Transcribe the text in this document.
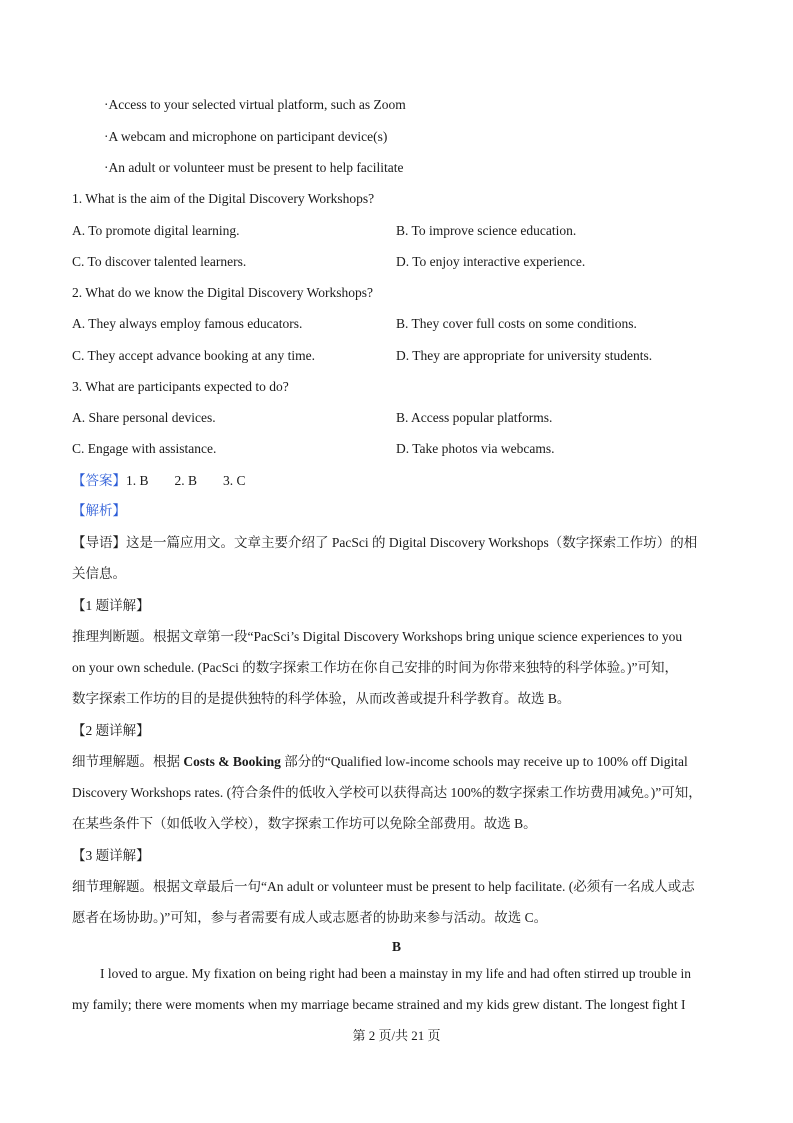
·Access to your selected virtual platform, such as Zoom
·A webcam and microphone on participant device(s)
·An adult or volunteer must be present to help facilitate
1. What is the aim of the Digital Discovery Workshops?
A. To promote digital learning.	B. To improve science education.
C. To discover talented learners.	D. To enjoy interactive experience.
2. What do we know the Digital Discovery Workshops?
A. They always employ famous educators.	B. They cover full costs on some conditions.
C. They accept advance booking at any time.	D. They are appropriate for university students.
3. What are participants expected to do?
A. Share personal devices.	B. Access popular platforms.
C. Engage with assistance.	D. Take photos via webcams.
【答案】1. B 2. B 3. C
【解析】
【导语】这是一篇应用文。文章主要介绍了 PacSci 的 Digital Discovery Workshops（数字探索工作坊）的相
关信息。
【1 题详解】
推理判断题。根据文章第一段“PacSci’s Digital Discovery Workshops bring unique science experiences to you
on your own schedule. (PacSci 的数字探索工作坊在你自己安排的时间为你带来独特的科学体验。)”可知，
数字探索工作坊的目的是提供独特的科学体验，从而改善或提升科学教育。故选 B。
【2 题详解】
细节理解题。根据 Costs & Booking 部分的“Qualified low-income schools may receive up to 100% off Digital
Discovery Workshops rates. (符合条件的低收入学校可以获得高达 100%的数字探索工作坊费用减免。)”可知，
在某些条件下（如低收入学校），数字探索工作坊可以免除全部费用。故选 B。
【3 题详解】
细节理解题。根据文章最后一句“An adult or volunteer must be present to help facilitate. (必须有一名成人或志
愿者在场协助。)”可知，参与者需要有成人或志愿者的协助来参与活动。故选 C。
B
I loved to argue. My fixation on being right had been a mainstay in my life and had often stirred up trouble in
my family; there were moments when my marriage became strained and my kids grew distant. The longest fight I
第 2 页/共 21 页
